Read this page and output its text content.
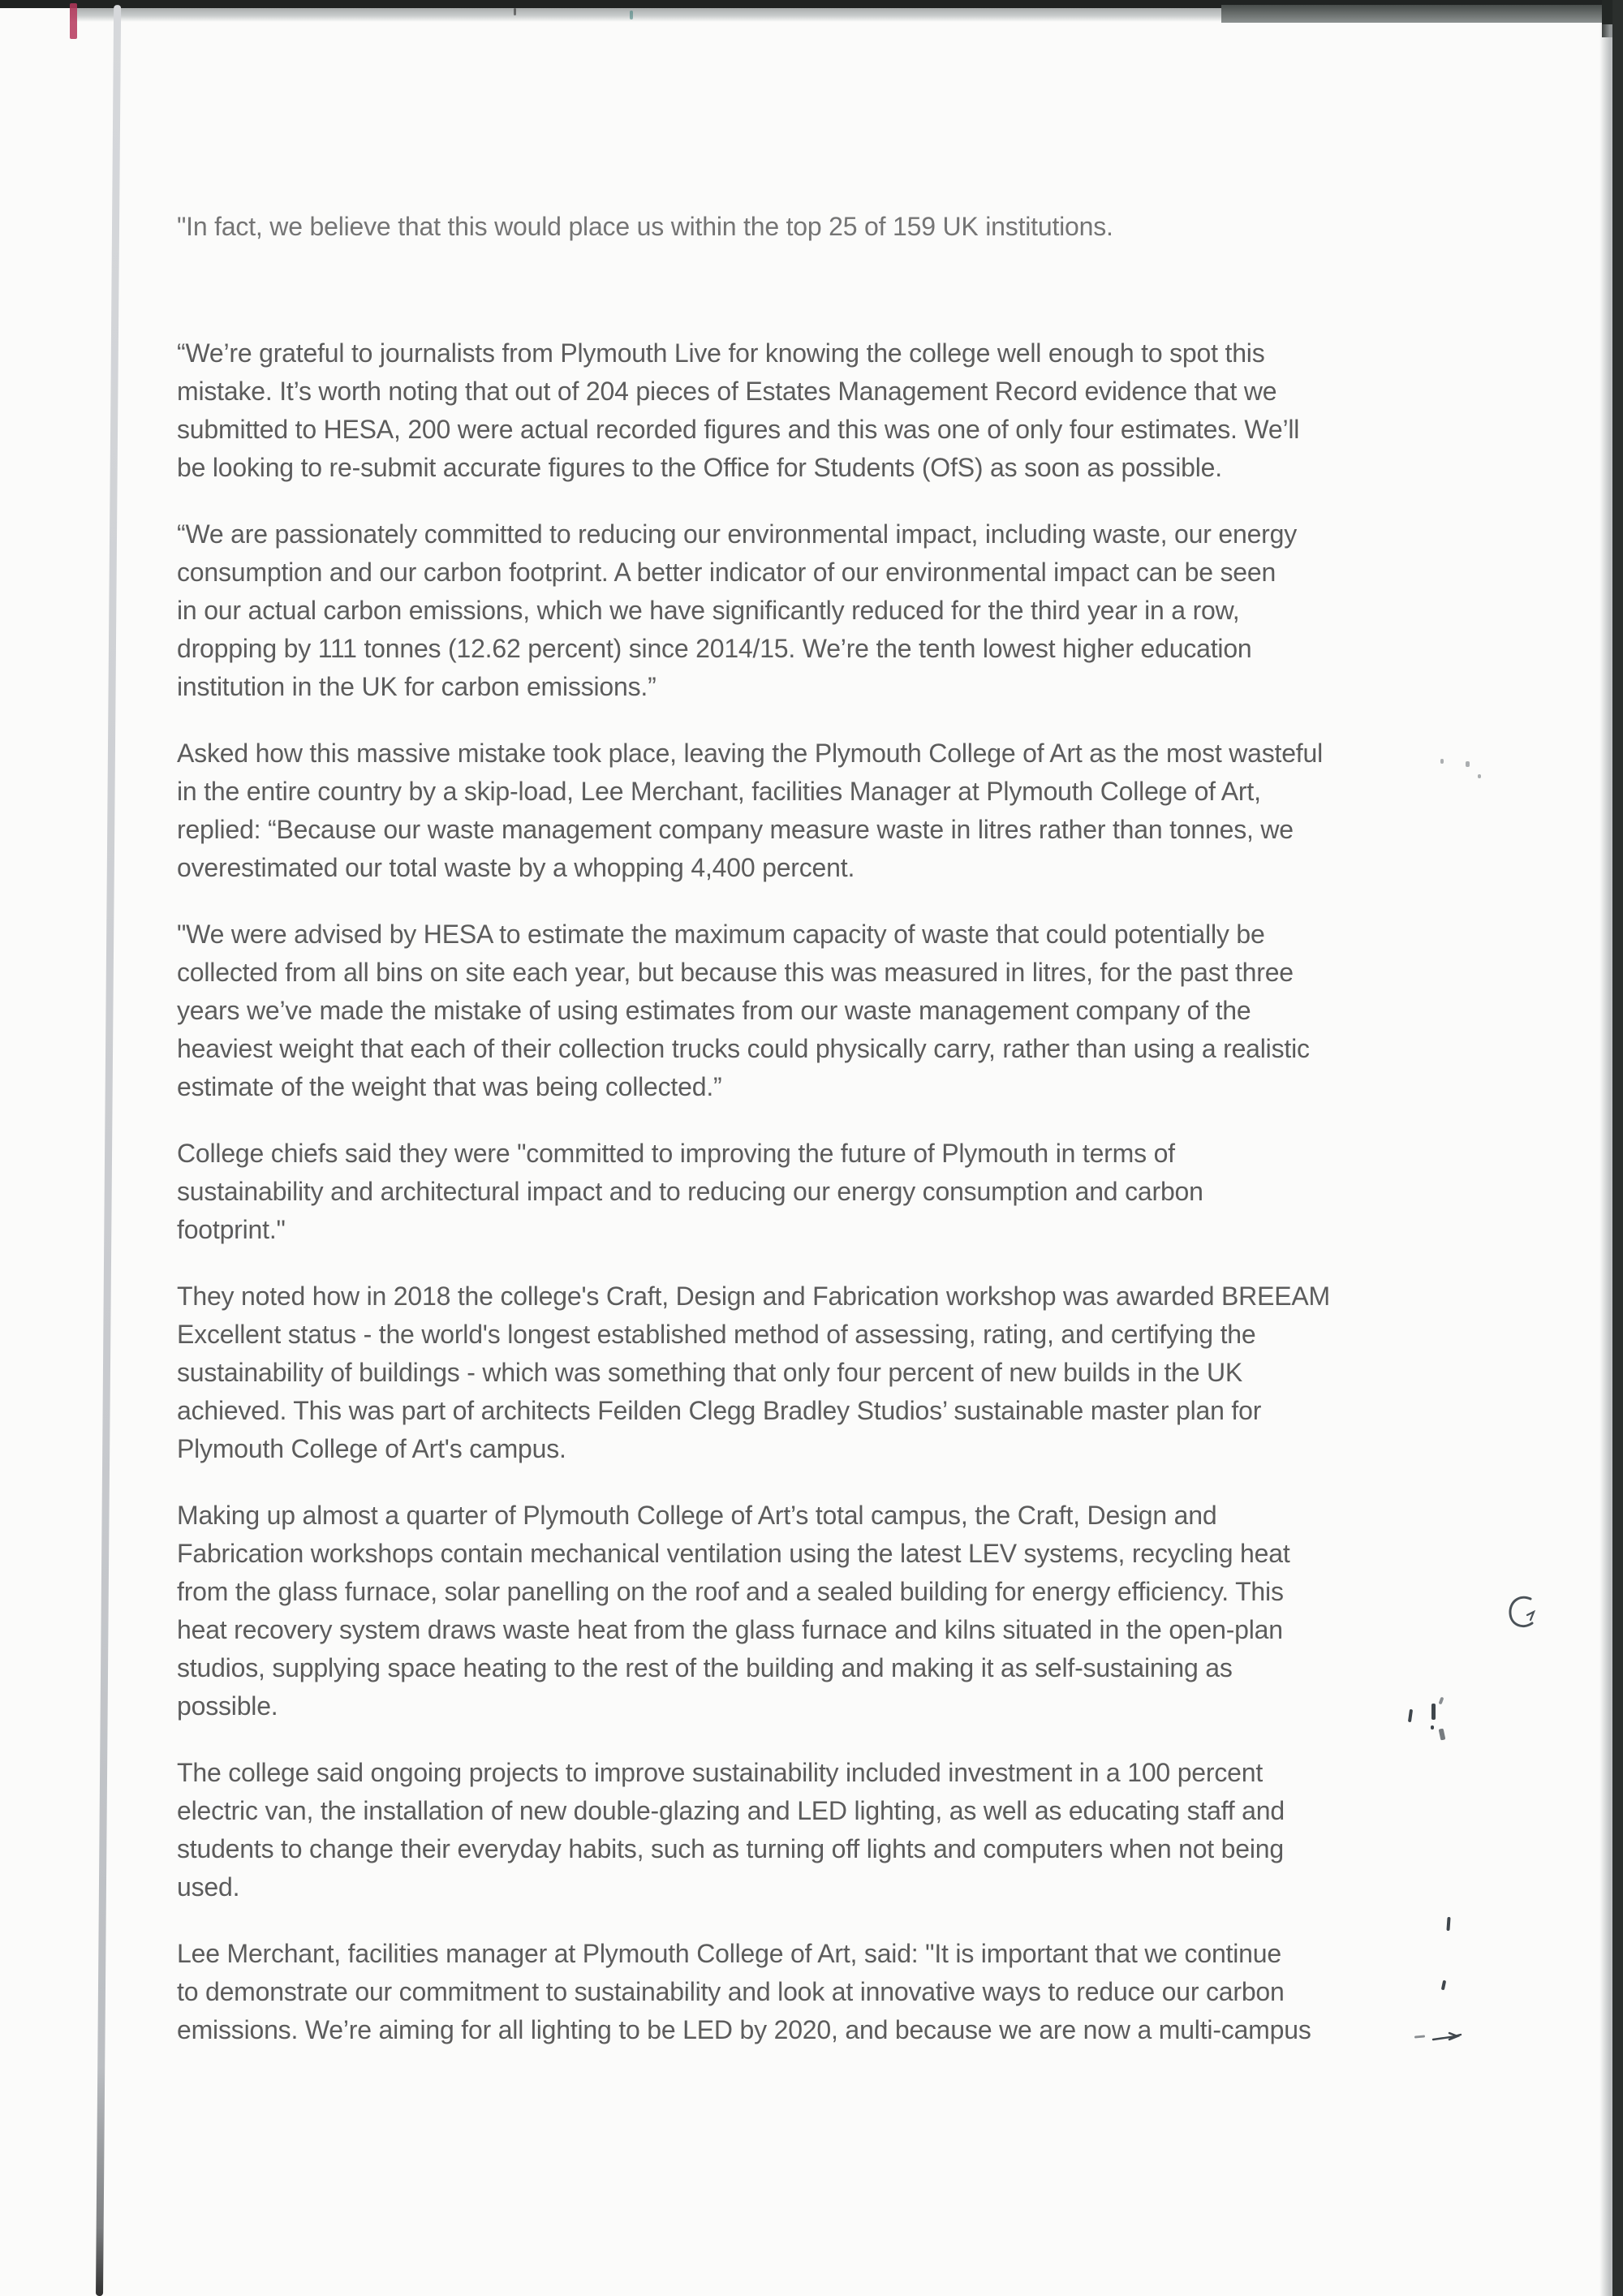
"In fact, we believe that this would place us within the top 25 of 159 UK institutions.

“We’re grateful to journalists from Plymouth Live for knowing the college well enough to spot this
mistake. It’s worth noting that out of 204 pieces of Estates Management Record evidence that we
submitted to HESA, 200 were actual recorded figures and this was one of only four estimates. We’ll
be looking to re-submit accurate figures to the Office for Students (OfS) as soon as possible.

“We are passionately committed to reducing our environmental impact, including waste, our energy
consumption and our carbon footprint. A better indicator of our environmental impact can be seen
in our actual carbon emissions, which we have significantly reduced for the third year in a row,
dropping by 111 tonnes (12.62 percent) since 2014/15. We’re the tenth lowest higher education
institution in the UK for carbon emissions.”

Asked how this massive mistake took place, leaving the Plymouth College of Art as the most wasteful
in the entire country by a skip-load, Lee Merchant, facilities Manager at Plymouth College of Art,
replied: “Because our waste management company measure waste in litres rather than tonnes, we
overestimated our total waste by a whopping 4,400 percent.

"We were advised by HESA to estimate the maximum capacity of waste that could potentially be
collected from all bins on site each year, but because this was measured in litres, for the past three
years we’ve made the mistake of using estimates from our waste management company of the
heaviest weight that each of their collection trucks could physically carry, rather than using a realistic
estimate of the weight that was being collected.”

College chiefs said they were "committed to improving the future of Plymouth in terms of
sustainability and architectural impact and to reducing our energy consumption and carbon
footprint."

They noted how in 2018 the college's Craft, Design and Fabrication workshop was awarded BREEAM
Excellent status - the world's longest established method of assessing, rating, and certifying the
sustainability of buildings - which was something that only four percent of new builds in the UK
achieved. This was part of architects Feilden Clegg Bradley Studios’ sustainable master plan for
Plymouth College of Art's campus.

Making up almost a quarter of Plymouth College of Art’s total campus, the Craft, Design and
Fabrication workshops contain mechanical ventilation using the latest LEV systems, recycling heat
from the glass furnace, solar panelling on the roof and a sealed building for energy efficiency. This
heat recovery system draws waste heat from the glass furnace and kilns situated in the open-plan
studios, supplying space heating to the rest of the building and making it as self-sustaining as
possible.

The college said ongoing projects to improve sustainability included investment in a 100 percent
electric van, the installation of new double-glazing and LED lighting, as well as educating staff and
students to change their everyday habits, such as turning off lights and computers when not being
used.

Lee Merchant, facilities manager at Plymouth College of Art, said: "It is important that we continue
to demonstrate our commitment to sustainability and look at innovative ways to reduce our carbon
emissions. We’re aiming for all lighting to be LED by 2020, and because we are now a multi-campus
